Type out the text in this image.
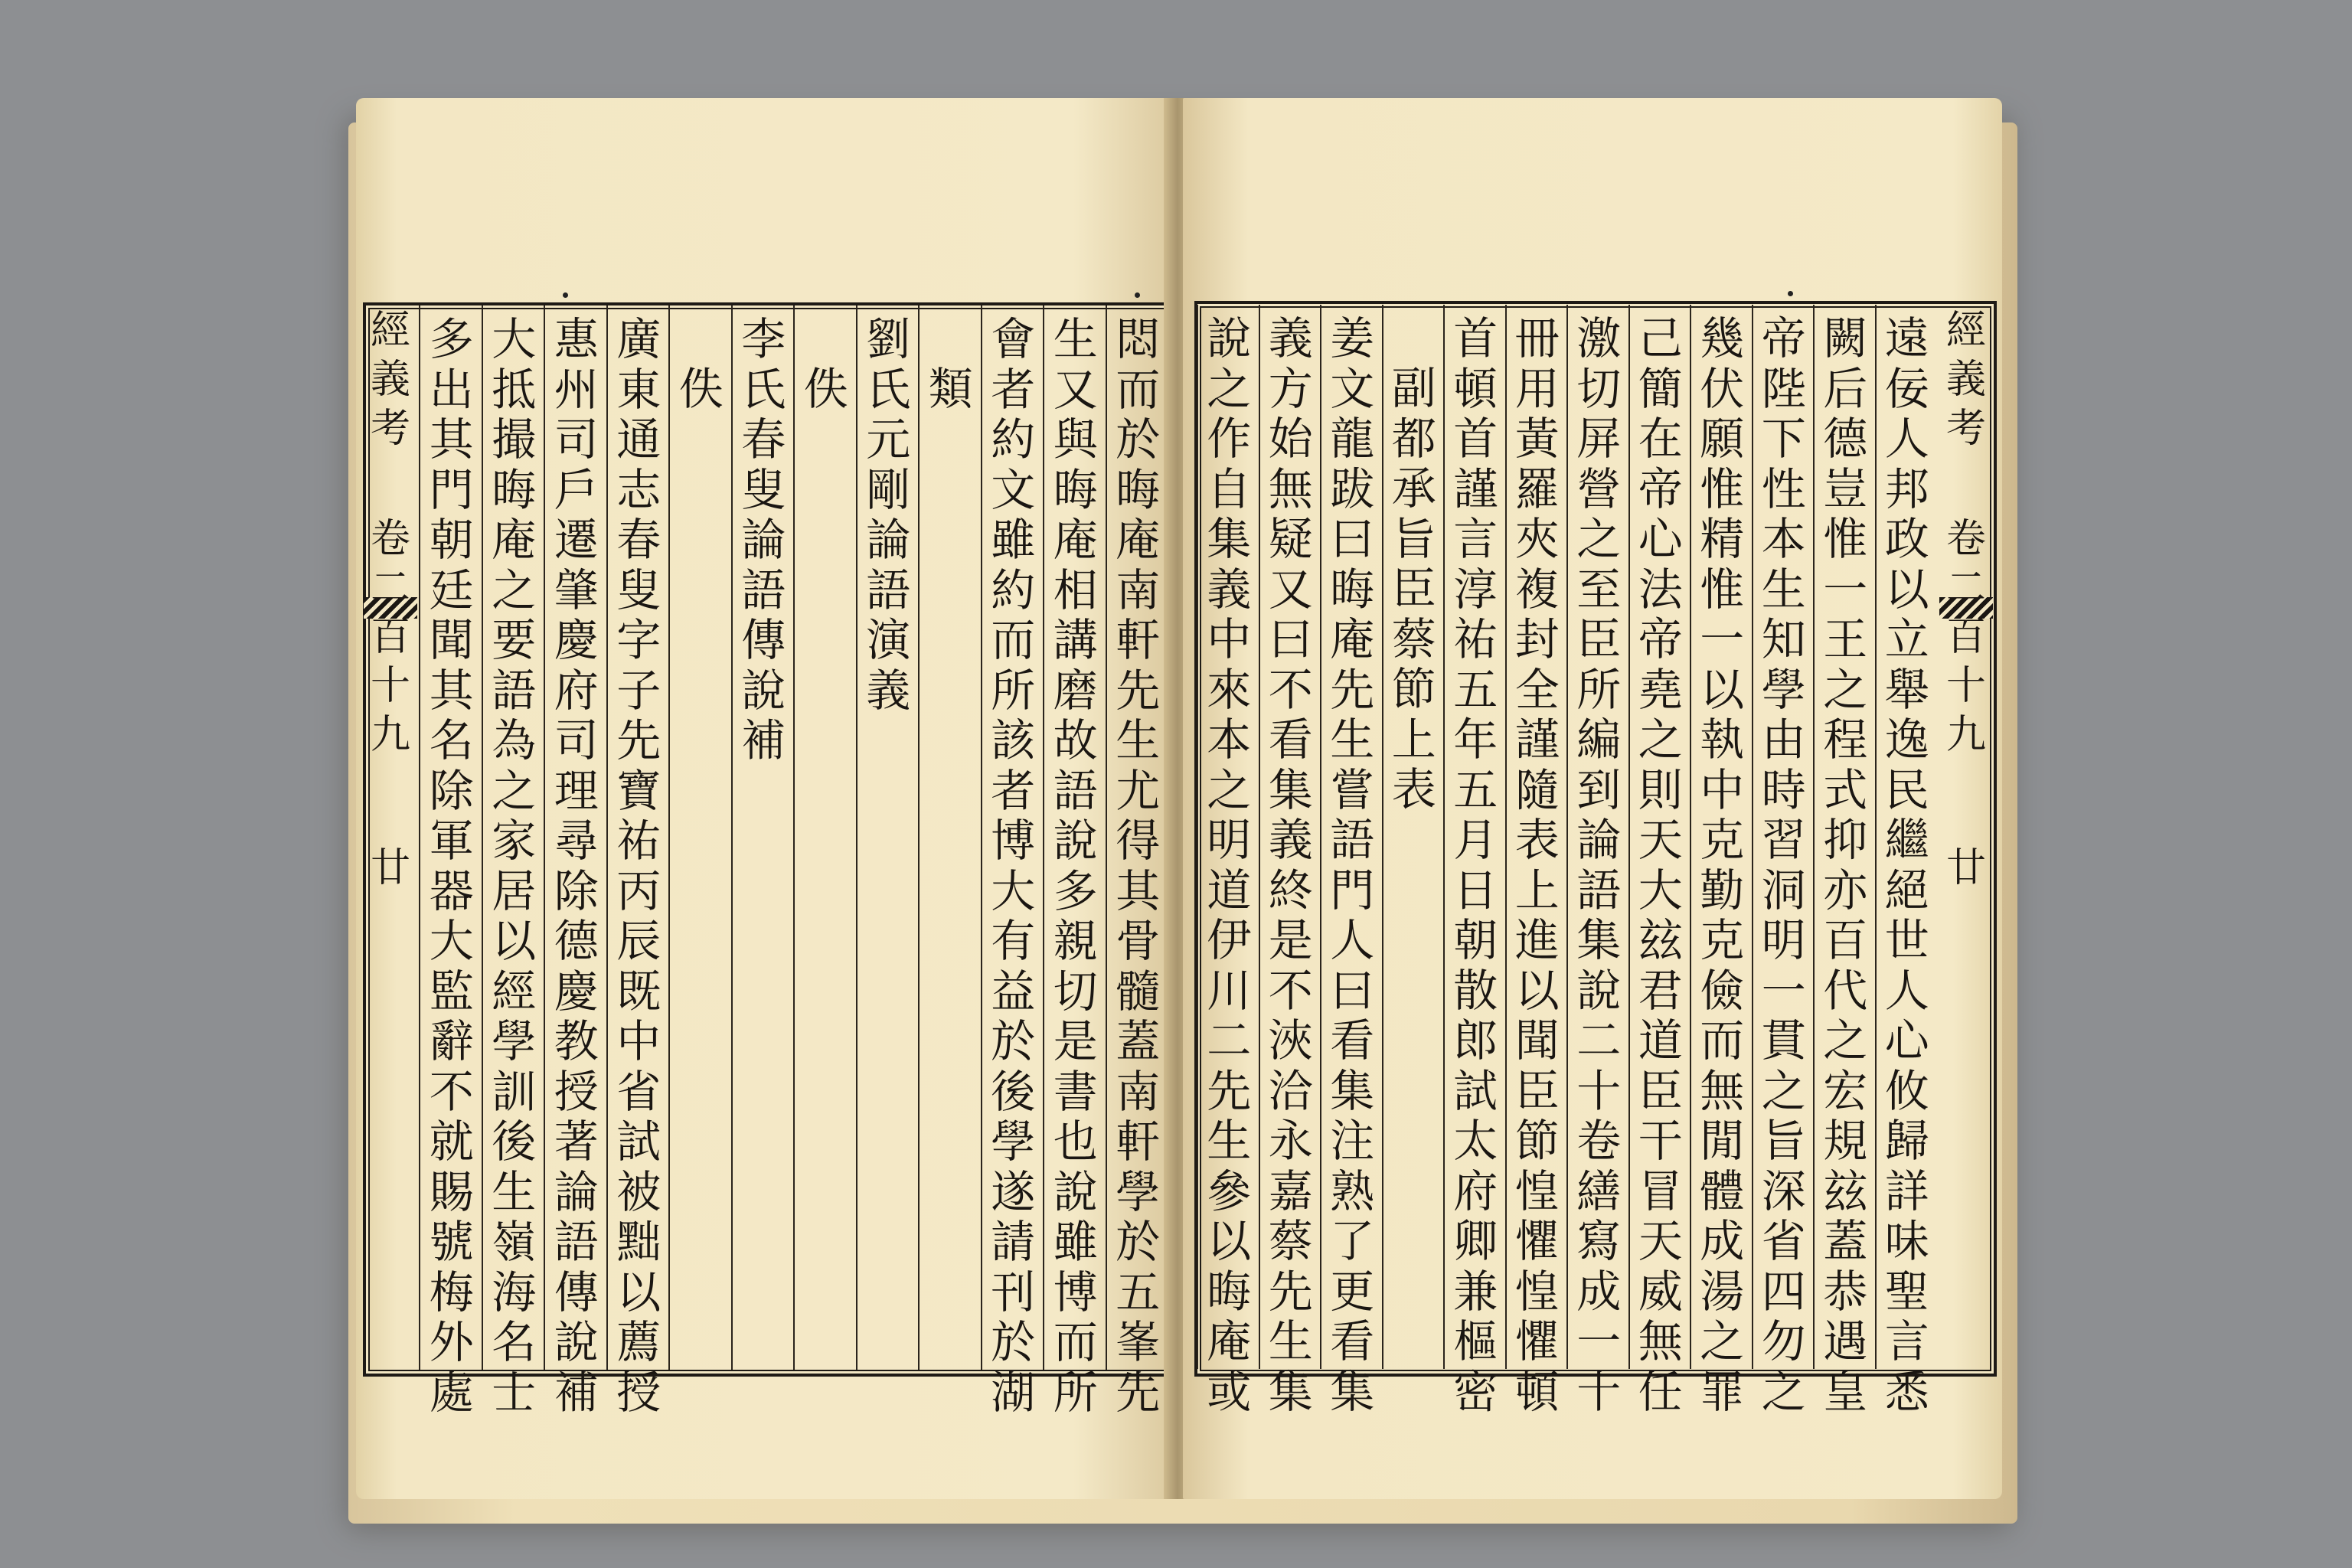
經
義
考
卷
二
百
十
九
廿
多
出
其
門
朝
廷
聞
其
名
除
軍
器
大
監
辭
不
就
賜
號
梅
外
處
大
抵
撮
晦
庵
之
要
語
為
之
家
居
以
經
學
訓
後
生
嶺
海
名
士
惠
州
司
戶
遷
肇
慶
府
司
理
尋
除
德
慶
教
授
著
論
語
傳
說
補
廣
東
通
志
春
叟
字
子
先
寶
祐
丙
辰
既
中
省
試
被
黜
以
薦
授
佚
李
氏
春
叟
論
語
傳
說
補
佚
劉
氏
元
剛
論
語
演
義
類
會
者
約
文
雖
約
而
所
該
者
博
大
有
益
於
後
學
遂
請
刊
於
湖
生
又
與
晦
庵
相
講
磨
故
語
說
多
親
切
是
書
也
說
雖
博
而
所
悶
而
於
晦
庵
南
軒
先
生
尤
得
其
骨
髓
蓋
南
軒
學
於
五
峯
先
經
義
考
卷
二
百
十
九
廿
說
之
作
自
集
義
中
來
本
之
明
道
伊
川
二
先
生
參
以
晦
庵
或
義
方
始
無
疑
又
曰
不
看
集
義
終
是
不
浹
洽
永
嘉
蔡
先
生
集
姜
文
龍
跋
曰
晦
庵
先
生
嘗
語
門
人
曰
看
集
注
熟
了
更
看
集
副
都
承
旨
臣
蔡
節
上
表
首
頓
首
謹
言
淳
祐
五
年
五
月
日
朝
散
郎
試
太
府
卿
兼
樞
密
冊
用
黃
羅
夾
複
封
全
謹
隨
表
上
進
以
聞
臣
節
惶
懼
惶
懼
頓
激
切
屏
營
之
至
臣
所
編
到
論
語
集
說
二
十
卷
繕
寫
成
一
十
己
簡
在
帝
心
法
帝
堯
之
則
天
大
玆
君
道
臣
干
冒
天
威
無
任
幾
伏
願
惟
精
惟
一
以
執
中
克
勤
克
儉
而
無
閒
體
成
湯
之
罪
帝
陛
下
性
本
生
知
學
由
時
習
洞
明
一
貫
之
旨
深
省
四
勿
之
闕
后
德
豈
惟
一
王
之
程
式
抑
亦
百
代
之
宏
規
玆
蓋
恭
遇
皇
遠
佞
人
邦
政
以
立
舉
逸
民
繼
絕
世
人
心
攸
歸
詳
味
聖
言
悉
